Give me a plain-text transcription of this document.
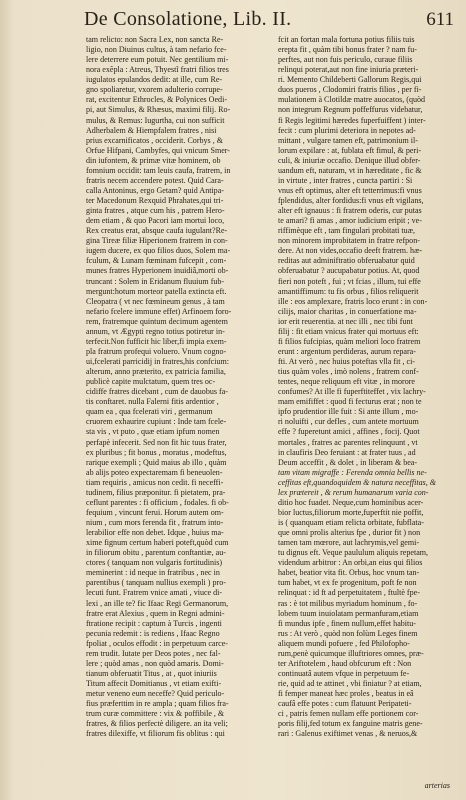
De Consolatione, Lib. II.	611
tam relicto: non Sacra Lex, non sancta Re-
ligio, non Diuinus cultus, à tam nefario fce-
lere deterrere eum potuit. Nec gentilium mi-
nora exẽpla : Atreus, Thyestĩ fratri filios tres
iugulatos epulandos dedit: at ille, cum Re-
gno spoliaretur, vxorem adulterio corrupe-
rat, excitentur Ethrocles, & Polynices Oedi-
pi, aut Simulus, & Rhæsus, maximi filij. Ro-
mulus, & Remus: Iugurtha, cui non sufficit
Adherbalem & Hiempfalem fratres , nisi
prius excarnificatos , occiderit. Corbys , &
Orfue Hifpani, Cambyfes, qui vnicum Smer-
din iufontem, & primæ vitæ hominem, ob
fomnium occidit: tam leuis caufa, fratrem, in
fratris necem accendere potest. Quid Cara-
calla Antoninus, ergo Getam? quid Antipa-
ter Macedonum Rexquid Phrahates,qui tri-
ginta fratres , atque cum his , patrem Hero-
dem etiam , & quo Pacori iam mortui loco,
Rex creatus erat, absque caufa iugulant?Re-
gina Tireæ filiæ Hiperionem fratrem in con-
iugem ducere, ex quo filios duos, Solem ma-
fculum, & Lunam fœminam fufcepit , com-
munes fratres Hyperionem inuidiâ,morti ob-
truncant : Solem in Eridanum fluuium fub-
mergunt:hotum morteor patella extincta eft.
Cleopatra ( vt nec fœmineum genus , à tam
nefario fcelere immune effet) Arfinoem foro-
rem, fratremque quintum decimum agentem
annum, vt Ægypti regno totius potiretur in-
terfecit.Non fufficit hic liber,fi impia exem-
pla fratrum profequi voluero. Vnum cogno-
ui,fcelerati parricidij in fratres,his confcium:
alterum, anno præterito, ex patricia familia,
publicè capite mulctatum, quem tres oc-
cidiffe fratres dicebant , cum de dauobus fa-
tis conftaret. nulla Falerni fitis ardentior ,
quam ea , qua fcelerati viri , germanum
cruorem exhaurire cupiunt : Inde tam fcele-
sta vis , vt puto , quæ etiam ipfum nomen
perfapè infecerit. Sed non fit hic tuus frater,
ex pluribus ; fit bonus , moratus , modeftus,
rarique exempli ; Quid maius ab illo , quàm
ab alijs poteo expectaremam fi beneuolen-
tiam requiris , amicus non cedit. fi neceffi-
tudinem, filius præponitur. fi pietatem, pra-
ceflunt parentes : fi officium , fodales. fi ob-
fequium , vincunt ferui. Horum autem om-
nium , cum mors ferenda fit , fratrum into-
lerabilior effe non debet. Idque , huius ma-
xime fignum certum haberi poteft,quòd cum
in filiorum obitu , parentum conftantiæ, au-
ctores ( tanquam non vulgaris fortitudinis)
meminerint : id neque in fratribus , nec in
parentibus ( tanquam nullius exempli ) pro-
lecuti funt. Fratrem vnice amati , viuce di-
lexi , an ille te? fic Ifaac Regi Germanorum,
fratre erat Alexius , quem in Regni admini-
ftratione recipit : captum à Turcis , ingenti
pecunia redemit : is rediens , Ifaac Regno
fpoliat , oculos effodit : in perpetuum carce-
rem trudit. Iutate per Deos potes , nec fal-
lere ; quòd amas , non quòd amaris. Domi-
tianum obferuatit Titus , at , quot iniuriis
Titum affecit Domitianus , vt etiam exifti-
metur veneno eum neceffe? Quid periculo-
fius præferttim in re ampla ; quam filios fra-
trum curæ committere : vix & poffibile , &
fratres, & filios perfectè diligere. an ita veli;
fratres dilexiffe, vt filiorum fis oblitus : qui
fcit an fortan mala fortuna potius filiis tuis
erepta fit , quàm tibi bonus frater ? nam fu-
perftes, aut non fuis periculo, curaue filiis
relinqui poterat,aut non fine iniuria præteri-
ri. Memento Childeberti Gallorum Regis,qui
duos pueros , Clodomiri fratris filios , per fi-
mulationem à Clotildæ matre auocatos, (quòd
non integrum Regnum poffeffurus videbatur,
fi Regis legitimi hæredes fuperfuiffent ) inter-
fecit : cum plurimi deteriora in nepotes ad-
mittant , vulgare tamen eft, patrimonium il-
lorum expilare : at, fublata eft fimul, & peri-
culi, & iniuriæ occafio. Denique illud obfer-
uandum eft, naturam, vt in hæreditate , fic &
in virtute , inter fratres , cuncta partiri : Si
vnus eft optimus, alter eft tetterrimus:fi vnus
fplendidus, alter fordidus:fi vnus eft vigilans,
alter eft ignauus : fi fratrem oderis, cur putas
te amari? fi amas , amor iudicium eripit ; ve-
riffimèque eft , tam fingulari probitati tuæ,
non minorem improbitatem in fratre refpon-
dere. At non vides,occafio deeft fratrem. hæ-
reditas aut adminiftratio obferuabatur quid
obferuabatur ? aucupabatur potius. At, quod
fieri non poteft , fui ; vt fcias , illum, tui effe
amantiffimum: tu fis orbus , filios reliquerit
ille : eos amplexare, fratris loco erunt : in con-
cilijs, maior charitas , in conuerfatione ma-
ior erit reuerentia. at nec illi , nec tibi funt
filij : fit etiam vnicus frater qui mortuus eft:
fi filios fufcipias, quàm meliori loco fratrem
erunt : argentum perdideras, aurum repara-
fti. At verò , nec huius poteftas vlla fit , ci-
tius quàm voles , imò nolens , fratrem conf-
tentes, neque reliquum eft vitæ , in morore
confumes? At ille fi fuperftiteffet , vix lachry-
mam emififfet : quod fi fecturus erat ; non te
ipfo prudentior ille fuit : Si ante illum , mo-
ri noluifti , cur defles , cum antete mortuum
effe ? fuperetunt amici , affines , focij. Quot
mortales , fratres ac parentes relinquunt , vt
in claufiris Deo feruiant : at frater tuus , ad
Deum acceffit , & dolet , in liberam & bea-
tam vitam migraffe : Ferenda omnia bellis ne-
ceffitas eft,quandoquidem & natura neceffitas, &
lex prætereit , & rerum humanarum varia con-
ditio hoc fuadet. Neque,cum hominibus acer-
bior luctus,filiorum morte,fuperftit nie poffit,
is ( quanquam etiam relicta orbitate, fubflata-
que omni prolis alterius fpe , durior fit ) non
tamen tam mœrore, aut lachrymis,vel gemi-
tu dignus eft. Veque paululum aliquis repetam,
videndum arbitror : An orbi,an eius qui filios
habet, beatior vita fit. Orbus, hoc vnum tan-
tum habet, vt ex fe progenitum, poft fe non
relinquat : id ft ad perpetuitatem , ftultè fpe-
ras : è tot milibus myriadum hominum , fo-
lobem tuum inuiolatam permanfuram,etiam
fi mundus ipfe , finem nullum,effet habitu-
rus : At verò , quòd non folùm Leges finem
aliquem mundi pofuere , fed Philofopho-
rum,penè quicumque illuftriores omnes, præ-
ter Ariftotelem , haud obfcurum eft : Non
continuatâ autem vfque in perpetuum fe-
rie, quid ad te attinet , vbi finiatur ? at etiam,
fi femper maneat hæc proles , beatus in eâ
caufâ effe potes : cum flatuunt Peripateti-
ci , patris femen nullam effe portionem cor-
poris filij,fed totum ex fanguine matris gene-
rari : Galenus exiftimet venas , & neruos,&
arterias
